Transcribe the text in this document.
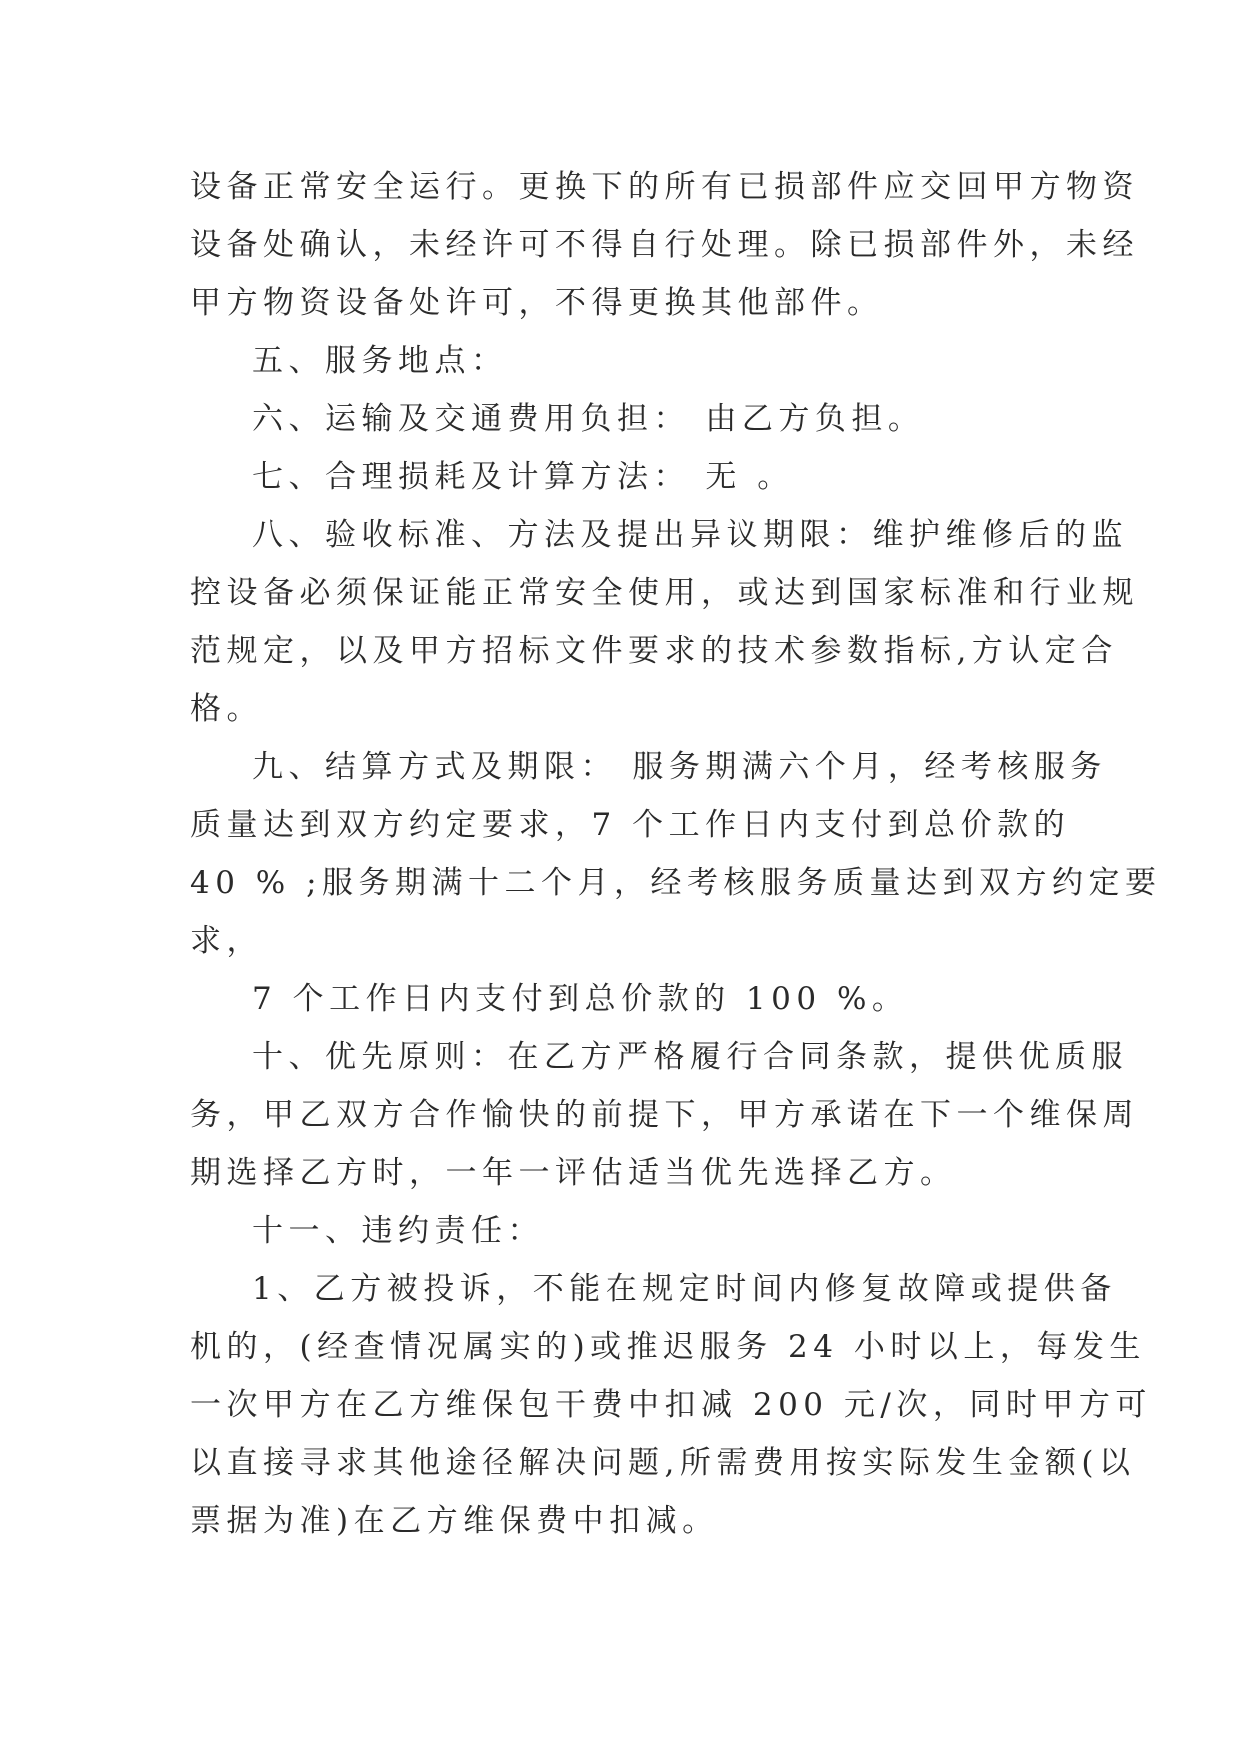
设备正常安全运行。更换下的所有已损部件应交回甲方物资
设备处确认，未经许可不得自行处理。除已损部件外，未经
甲方物资设备处许可，不得更换其他部件。
五、服务地点：
六、运输及交通费用负担： 由乙方负担。
七、合理损耗及计算方法： 无 。
八、验收标准、方法及提出异议期限：维护维修后的监
控设备必须保证能正常安全使用，或达到国家标准和行业规
范规定，以及甲方招标文件要求的技术参数指标,方认定合
格。
九、结算方式及期限： 服务期满六个月，经考核服务
质量达到双方约定要求，7 个工作日内支付到总价款的
40 % ;服务期满十二个月，经考核服务质量达到双方约定要
求，
7 个工作日内支付到总价款的 100 %。
十、优先原则：在乙方严格履行合同条款，提供优质服
务，甲乙双方合作愉快的前提下，甲方承诺在下一个维保周
期选择乙方时，一年一评估适当优先选择乙方。
十一、违约责任：
1、乙方被投诉，不能在规定时间内修复故障或提供备
机的，(经查情况属实的)或推迟服务 24 小时以上，每发生
一次甲方在乙方维保包干费中扣减 200 元/次，同时甲方可
以直接寻求其他途径解决问题,所需费用按实际发生金额(以
票据为准)在乙方维保费中扣减。
